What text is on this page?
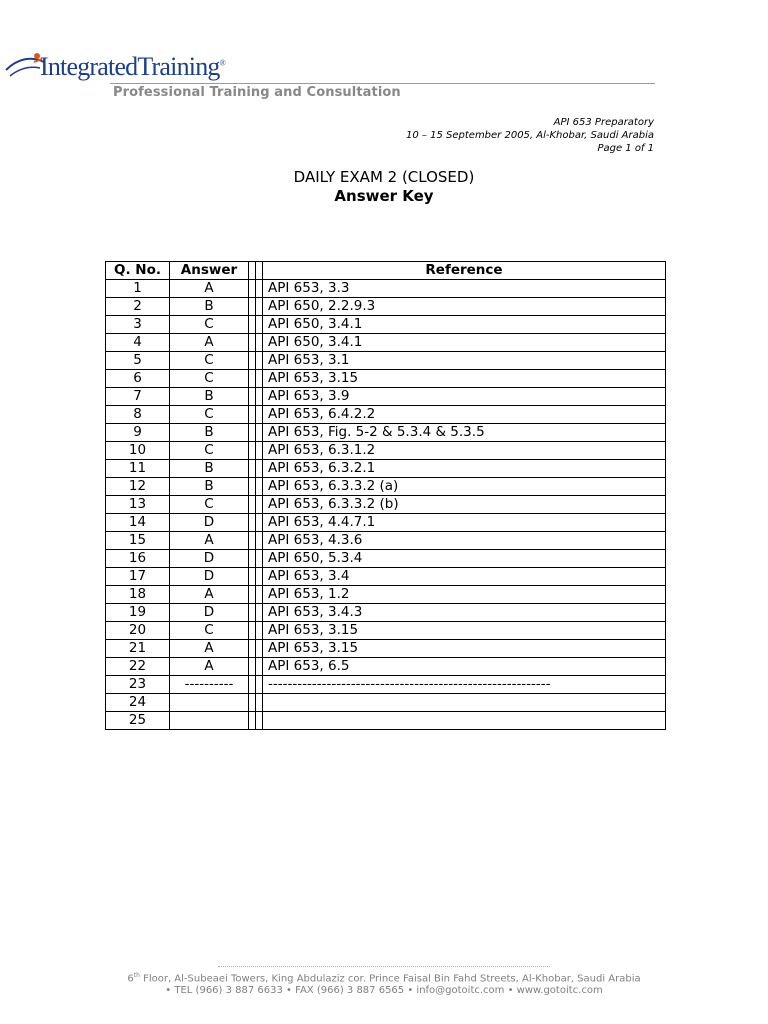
IntegratedTraining®
Professional Training and Consultation
API 653 Preparatory
10 – 15 September 2005, Al-Khobar, Saudi Arabia
Page 1 of 1
DAILY EXAM 2 (CLOSED)
Answer Key
Q. No.	Answer			Reference
1	A			API 653, 3.3
2	B			API 650, 2.2.9.3
3	C			API 650, 3.4.1
4	A			API 650, 3.4.1
5	C			API 653, 3.1
6	C			API 653, 3.15
7	B			API 653, 3.9
8	C			API 653, 6.4.2.2
9	B			API 653, Fig. 5-2 & 5.3.4 & 5.3.5
10	C			API 653, 6.3.1.2
11	B			API 653, 6.3.2.1
12	B			API 653, 6.3.3.2 (a)
13	C			API 653, 6.3.3.2 (b)
14	D			API 653, 4.4.7.1
15	A			API 653, 4.3.6
16	D			API 650, 5.3.4
17	D			API 653, 3.4
18	A			API 653, 1.2
19	D			API 653, 3.4.3
20	C			API 653, 3.15
21	A			API 653, 3.15
22	A			API 653, 6.5
23	----------			----------------------------------------------------------
24				
25				
6th Floor, Al-Subeaei Towers, King Abdulaziz cor. Prince Faisal Bin Fahd Streets, Al-Khobar, Saudi Arabia
• TEL (966) 3 887 6633 • FAX (966) 3 887 6565 • info@gotoitc.com • www.gotoitc.com
